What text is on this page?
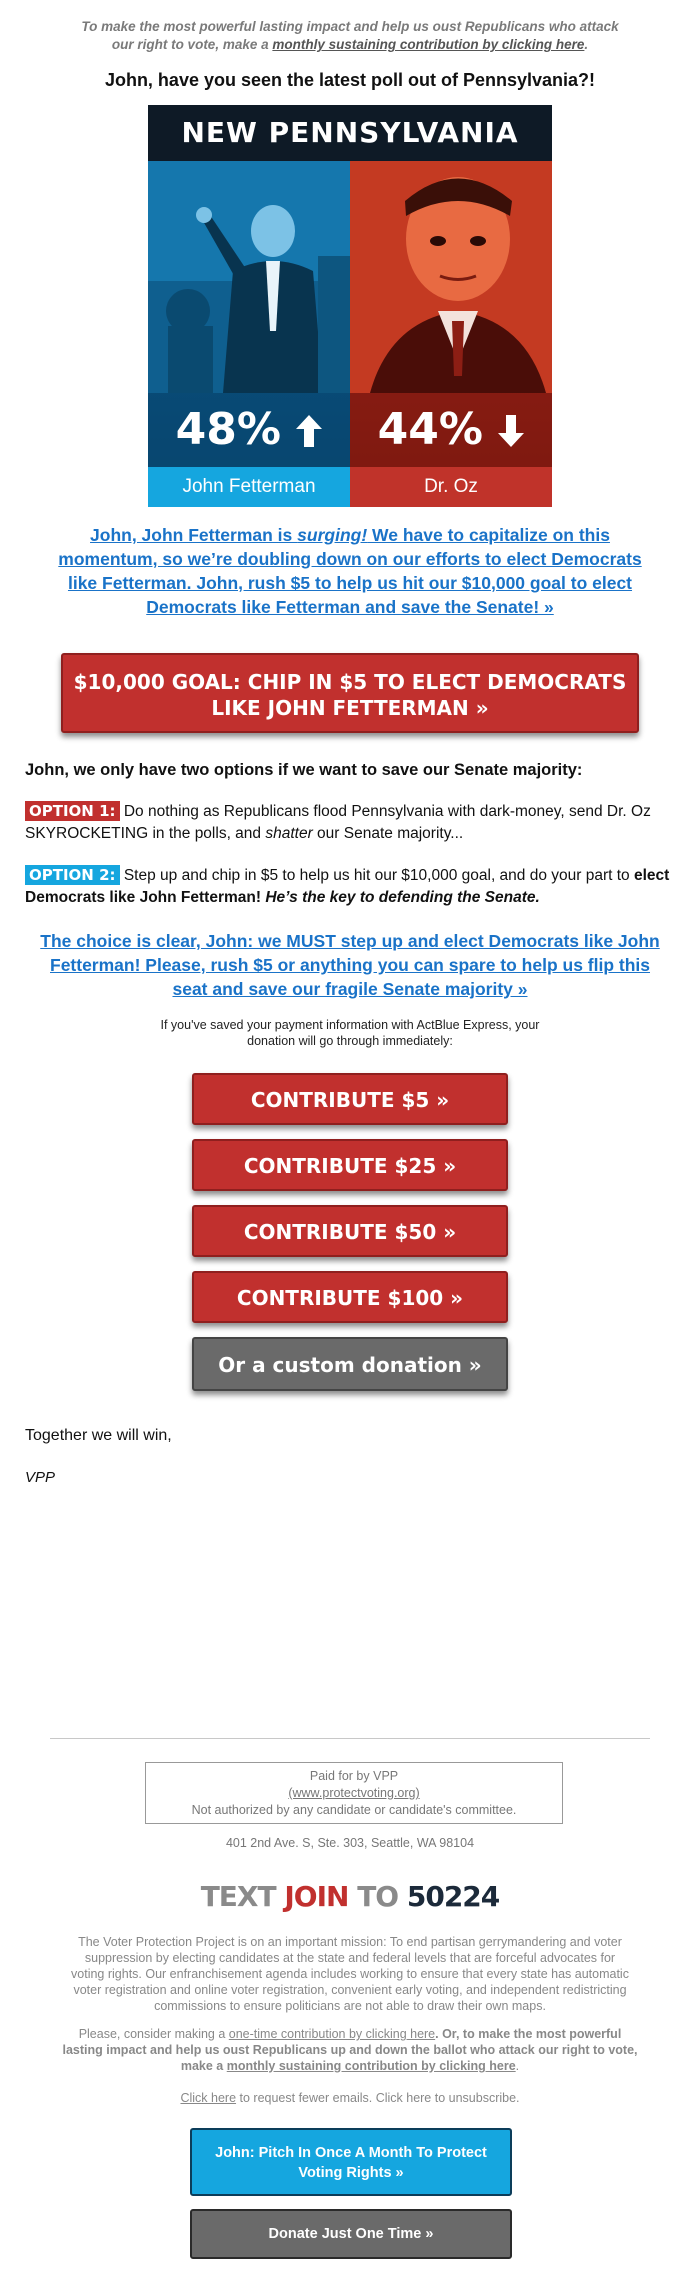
To make the most powerful lasting impact and help us oust Republicans who attack our right to vote, make a monthly sustaining contribution by clicking here.
John, have you seen the latest poll out of Pennsylvania?!
NEW PENNSYLVANIA
48%
John Fetterman
44%
Dr. Oz
John, John Fetterman is surging! We have to capitalize on this momentum, so we’re doubling down on our efforts to elect Democrats like Fetterman. John, rush $5 to help us hit our $10,000 goal to elect Democrats like Fetterman and save the Senate! »
$10,000 GOAL: CHIP IN $5 TO ELECT DEMOCRATS LIKE JOHN FETTERMAN »
John, we only have two options if we want to save our Senate majority:
OPTION 1: Do nothing as Republicans flood Pennsylvania with dark-money, send Dr. Oz SKYROCKETING in the polls, and shatter our Senate majority...
OPTION 2: Step up and chip in $5 to help us hit our $10,000 goal, and do your part to elect Democrats like John Fetterman! He’s the key to defending the Senate.
The choice is clear, John: we MUST step up and elect Democrats like John Fetterman! Please, rush $5 or anything you can spare to help us flip this seat and save our fragile Senate majority »
If you've saved your payment information with ActBlue Express, your donation will go through immediately:
CONTRIBUTE $5 »
CONTRIBUTE $25 »
CONTRIBUTE $50 »
CONTRIBUTE $100 »
Or a custom donation »
Together we will win,
VPP
Paid for by VPP
(www.protectvoting.org)
Not authorized by any candidate or candidate's committee.
401 2nd Ave. S, Ste. 303, Seattle, WA 98104
TEXT JOIN TO 50224
The Voter Protection Project is on an important mission: To end partisan gerrymandering and voter suppression by electing candidates at the state and federal levels that are forceful advocates for voting rights. Our enfranchisement agenda includes working to ensure that every state has automatic voter registration and online voter registration, convenient early voting, and independent redistricting commissions to ensure politicians are not able to draw their own maps.
Please, consider making a one-time contribution by clicking here. Or, to make the most powerful lasting impact and help us oust Republicans up and down the ballot who attack our right to vote, make a monthly sustaining contribution by clicking here.
Click here to request fewer emails. Click here to unsubscribe.
John: Pitch In Once A Month To Protect Voting Rights »
Donate Just One Time »
